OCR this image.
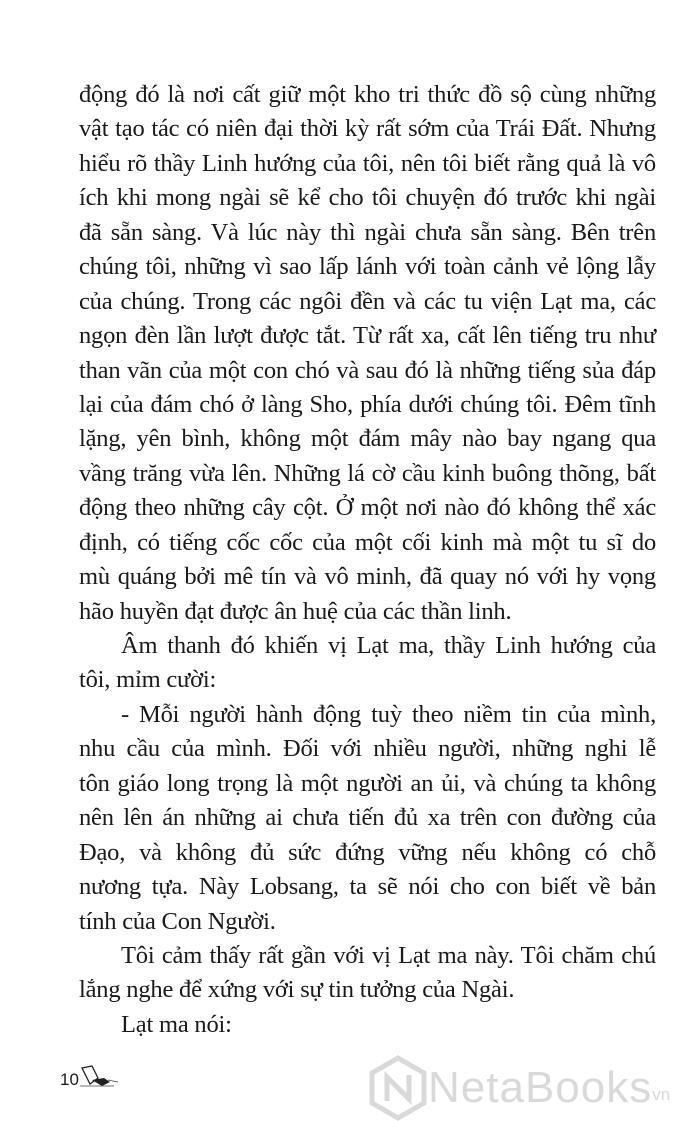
động đó là nơi cất giữ một kho tri thức đồ sộ cùng những
vật tạo tác có niên đại thời kỳ rất sớm của Trái Đất. Nhưng
hiểu rõ thầy Linh hướng của tôi, nên tôi biết rằng quả là vô
ích khi mong ngài sẽ kể cho tôi chuyện đó trước khi ngài
đã sẵn sàng. Và lúc này thì ngài chưa sẵn sàng. Bên trên
chúng tôi, những vì sao lấp lánh với toàn cảnh vẻ lộng lẫy
của chúng. Trong các ngôi đền và các tu viện Lạt ma, các
ngọn đèn lần lượt được tắt. Từ rất xa, cất lên tiếng tru như
than vãn của một con chó và sau đó là những tiếng sủa đáp
lại của đám chó ở làng Sho, phía dưới chúng tôi. Đêm tĩnh
lặng, yên bình, không một đám mây nào bay ngang qua
vầng trăng vừa lên. Những lá cờ cầu kinh buông thõng, bất
động theo những cây cột. Ở một nơi nào đó không thể xác
định, có tiếng cốc cốc của một cối kinh mà một tu sĩ do
mù quáng bởi mê tín và vô minh, đã quay nó với hy vọng
hão huyền đạt được ân huệ của các thần linh.
Âm thanh đó khiến vị Lạt ma, thầy Linh hướng của
tôi, mỉm cười:
- Mỗi người hành động tuỳ theo niềm tin của mình,
nhu cầu của mình. Đối với nhiều người, những nghi lễ
tôn giáo long trọng là một người an ủi, và chúng ta không
nên lên án những ai chưa tiến đủ xa trên con đường của
Đạo, và không đủ sức đứng vững nếu không có chỗ
nương tựa. Này Lobsang, ta sẽ nói cho con biết về bản
tính của Con Người.
Tôi cảm thấy rất gần với vị Lạt ma này. Tôi chăm chú
lắng nghe để xứng với sự tin tưởng của Ngài.
Lạt ma nói:
10	NetaBooks vn
